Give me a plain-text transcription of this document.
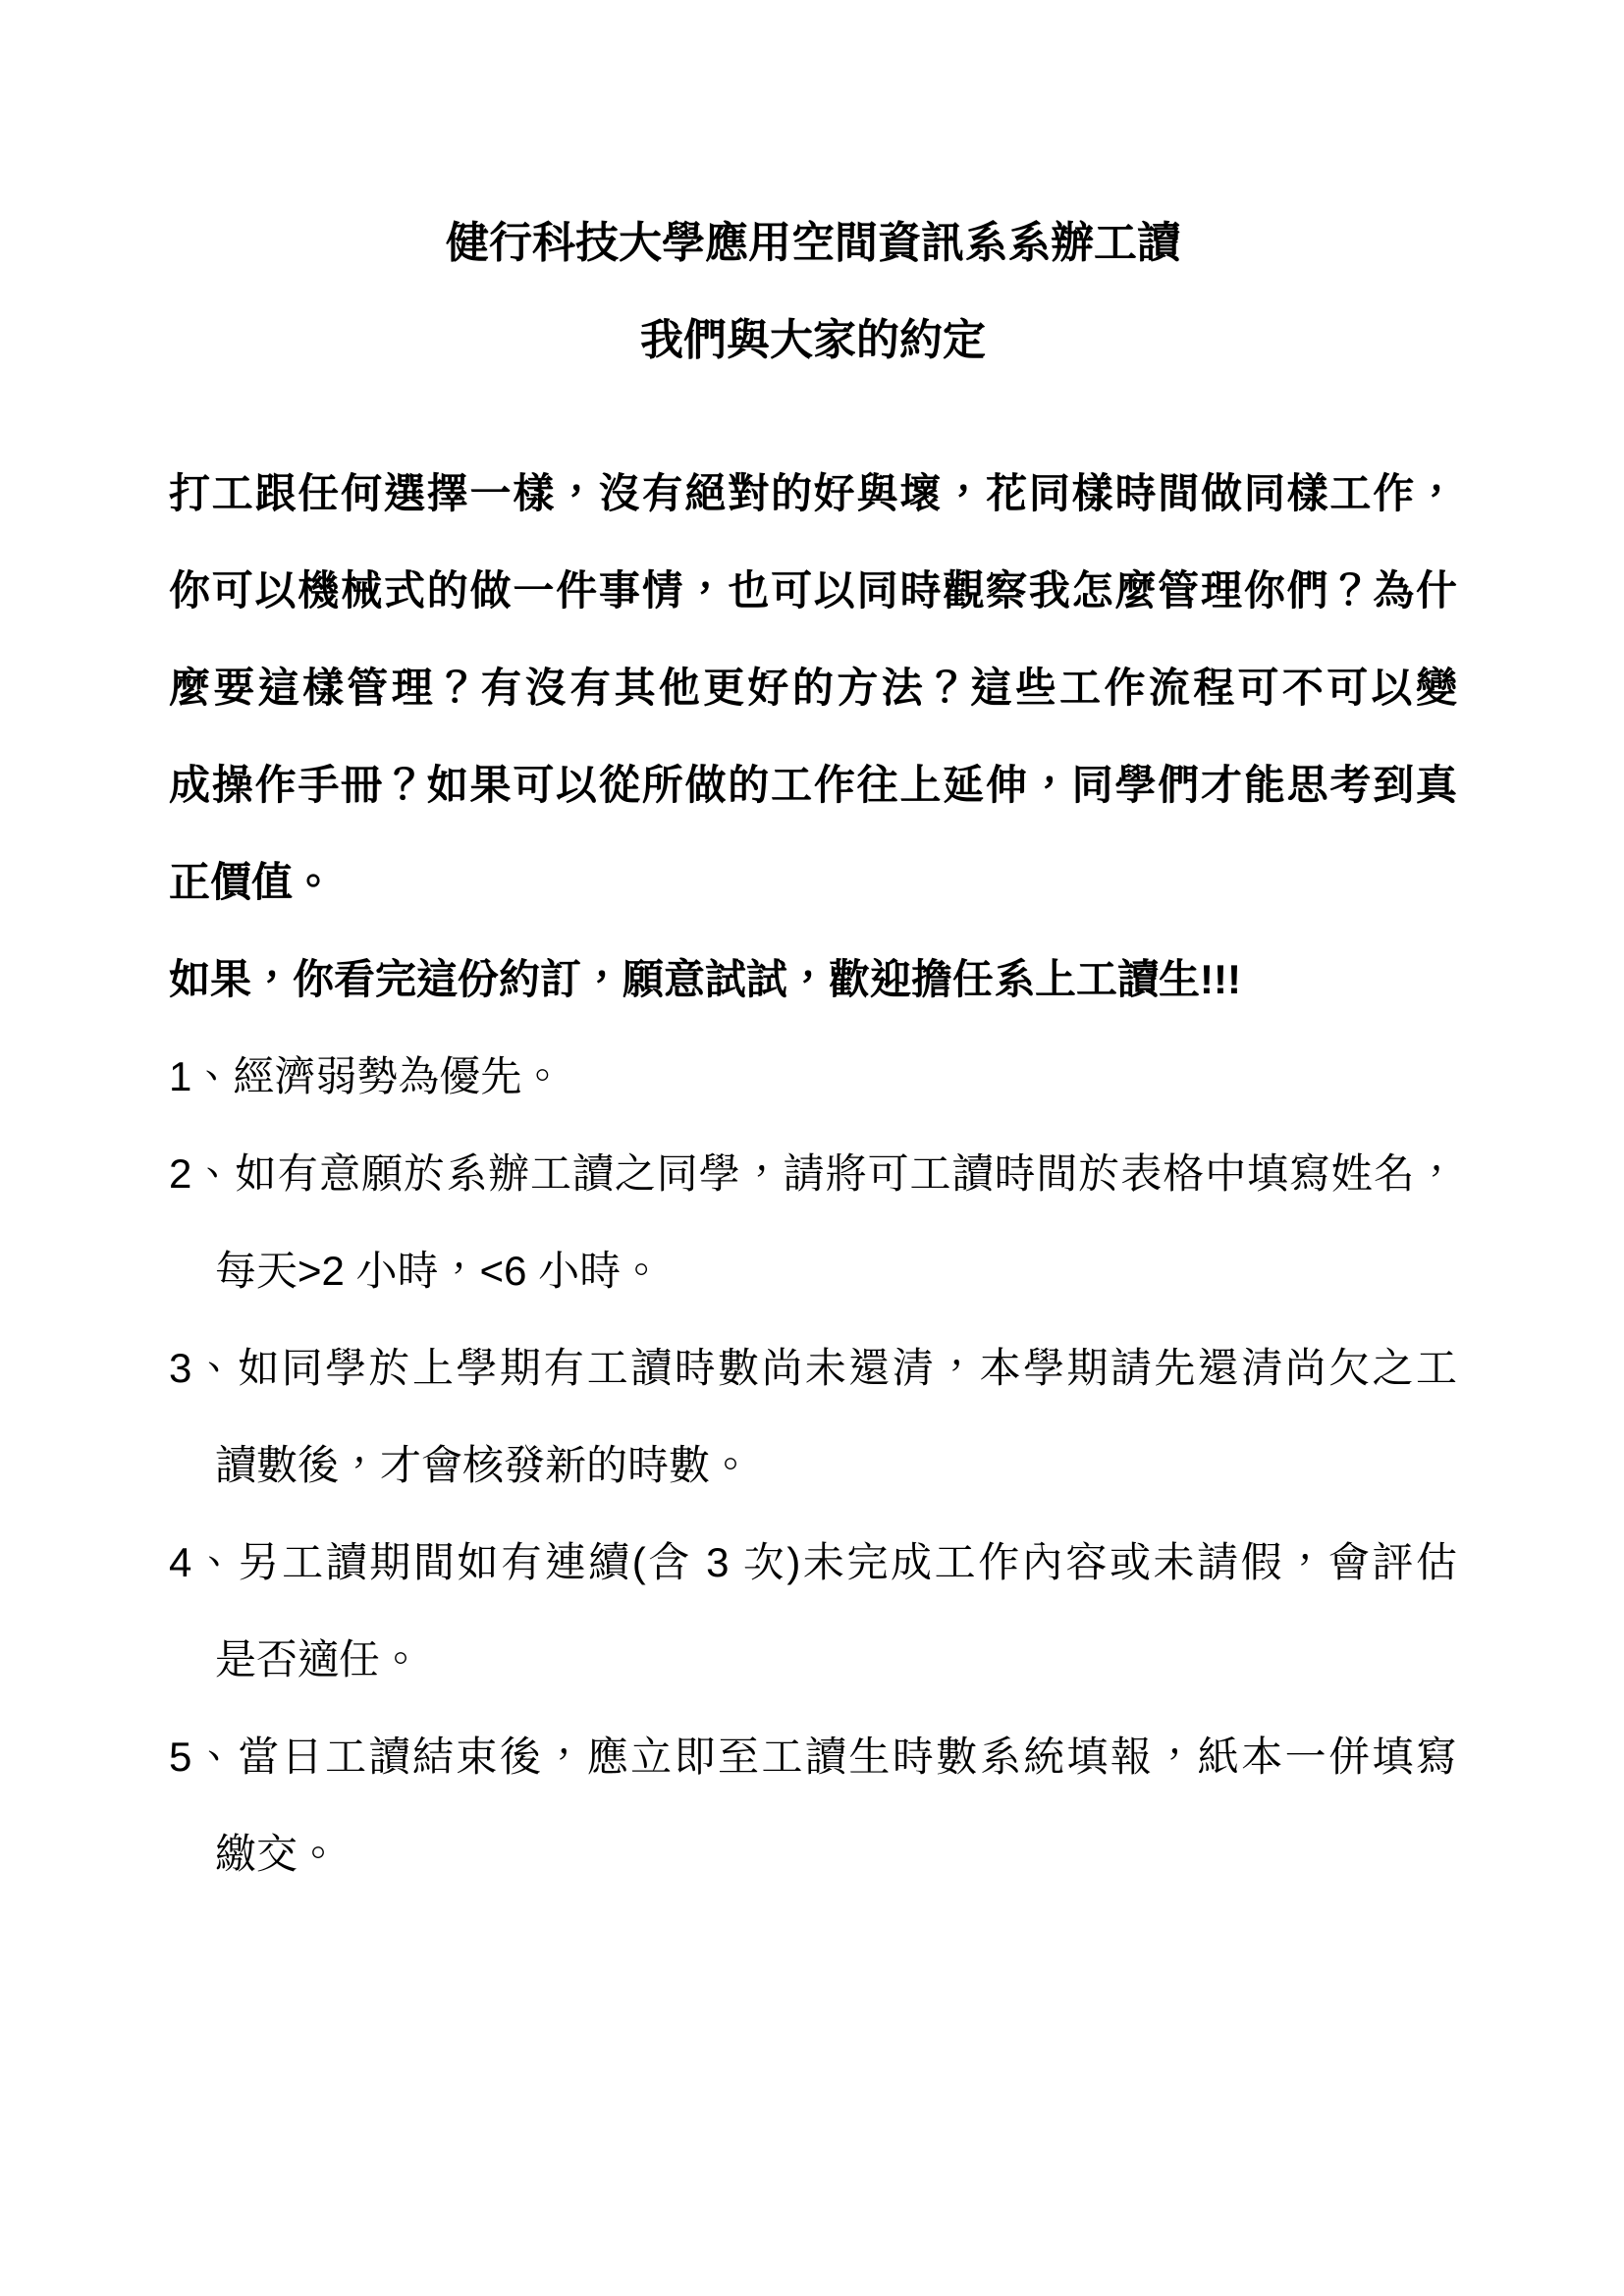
健行科技大學應用空間資訊系系辦工讀
我們與大家的約定
打工跟任何選擇一樣，沒有絕對的好與壞，花同樣時間做同樣工作，
你可以機械式的做一件事情，也可以同時觀察我怎麼管理你們？為什
麼要這樣管理？有沒有其他更好的方法？這些工作流程可不可以變
成操作手冊？如果可以從所做的工作往上延伸，同學們才能思考到真
正價值。
如果，你看完這份約訂，願意試試，歡迎擔任系上工讀生!!!
1、經濟弱勢為優先。
2、如有意願於系辦工讀之同學，請將可工讀時間於表格中填寫姓名，
每天>2 小時，<6 小時。
3、如同學於上學期有工讀時數尚未還清，本學期請先還清尚欠之工
讀數後，才會核發新的時數。
4、另工讀期間如有連續(含 3 次)未完成工作內容或未請假，會評估
是否適任。
5、當日工讀結束後，應立即至工讀生時數系統填報，紙本一併填寫
繳交。
